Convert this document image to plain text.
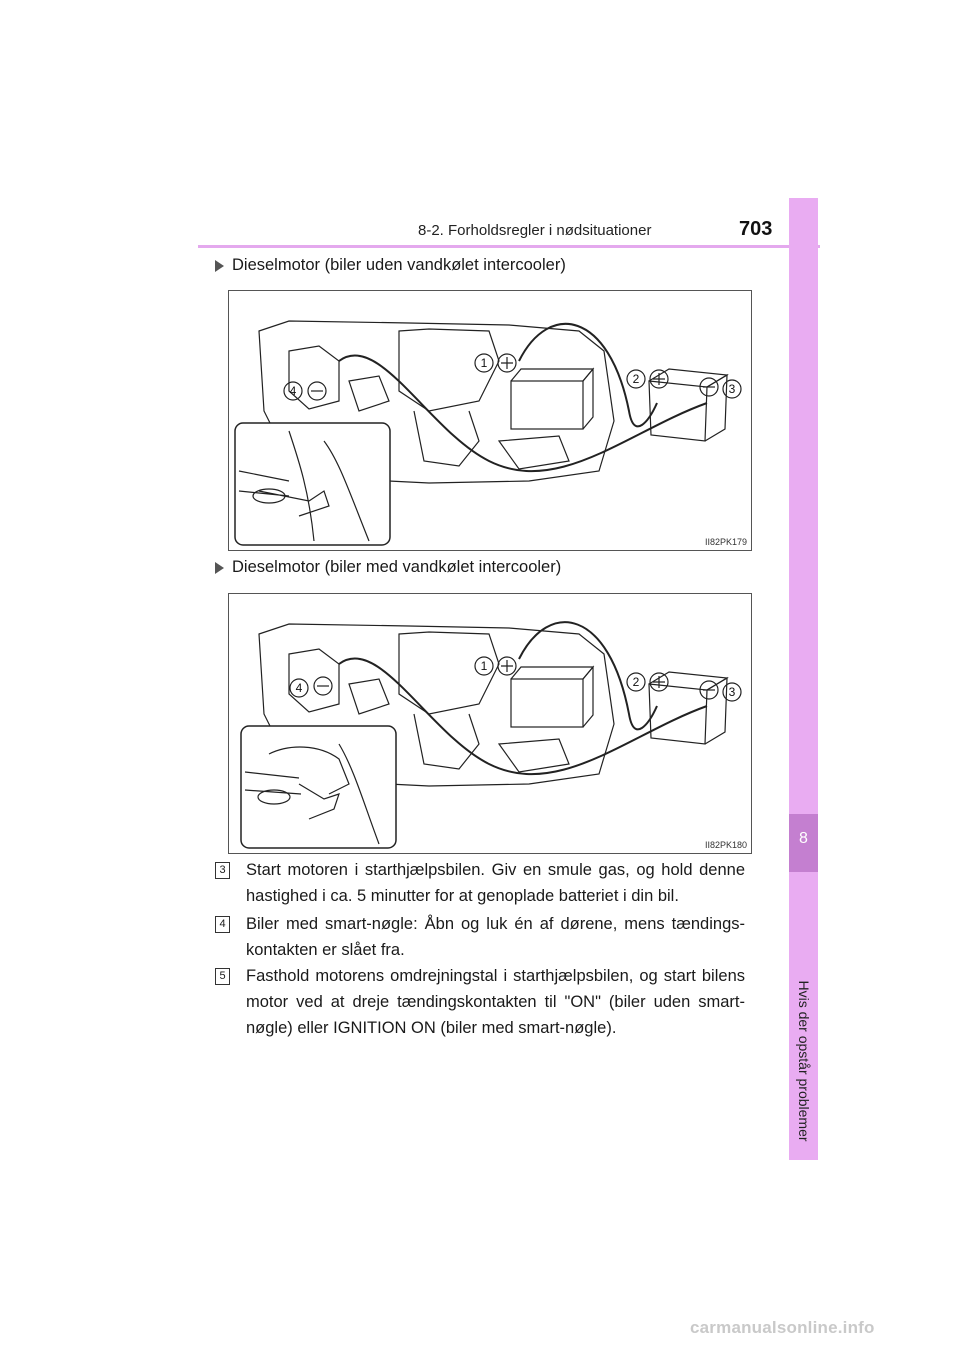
8-2. Forholdsregler i nødsituationer	703
8
Hvis der opstår problemer
Dieselmotor (biler uden vandkølet intercooler)
1
2
3
4
II82PK179
Dieselmotor (biler med vandkølet intercooler)
1
2
3
4
II82PK180
3 Start motoren i starthjælpsbilen. Giv en smule gas, og hold denne hastighed i ca. 5 minutter for at genoplade batteriet i din bil.
4 Biler med smart-nøgle: Åbn og luk én af dørene, mens tændings-kontakten er slået fra.
5 Fasthold motorens omdrejningstal i starthjælpsbilen, og start bilens motor ved at dreje tændingskontakten til "ON" (biler uden smart-nøgle) eller IGNITION ON (biler med smart-nøgle).
carmanualsonline.info
